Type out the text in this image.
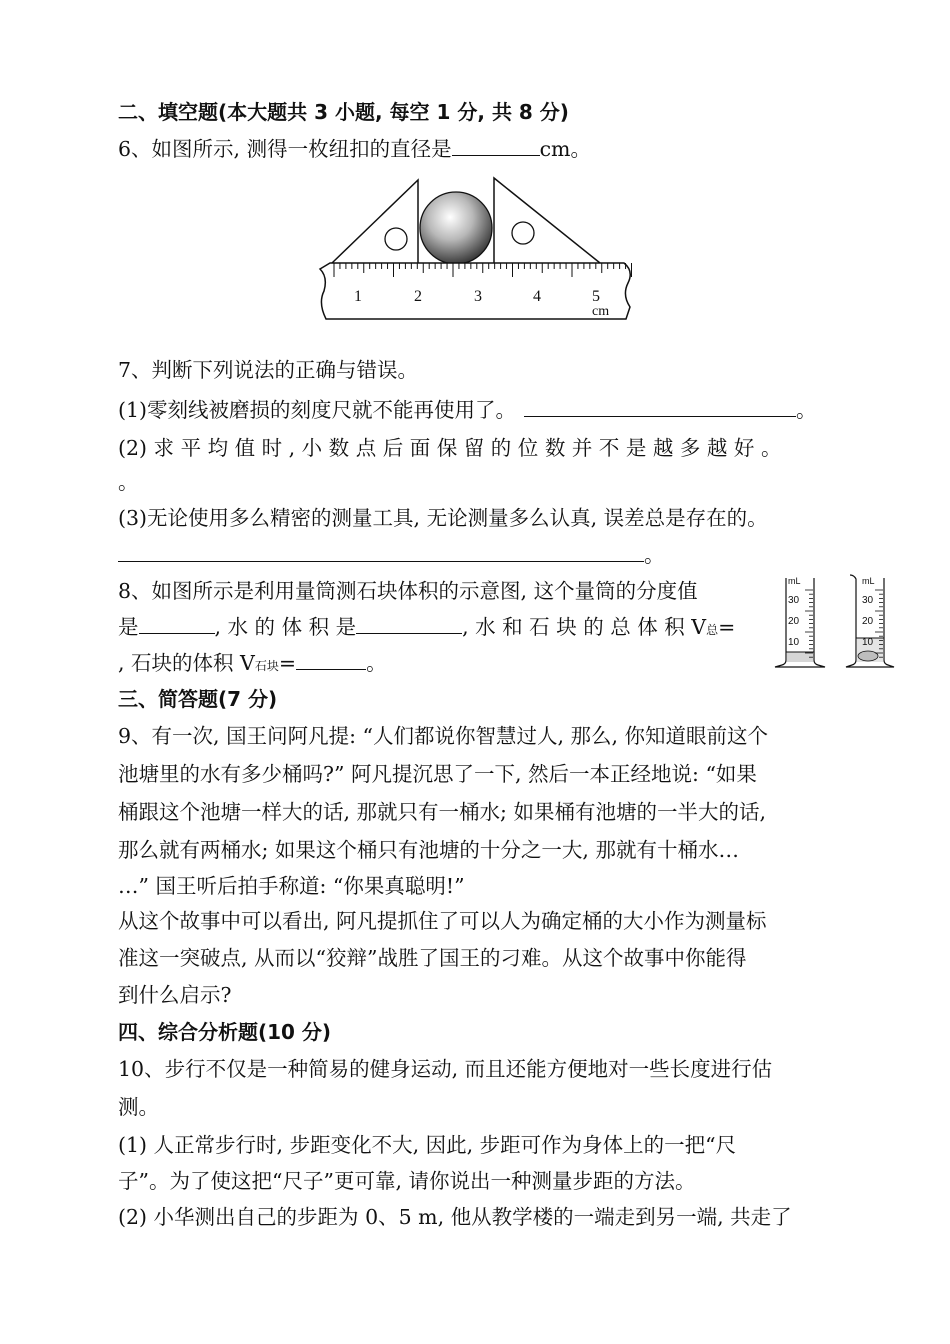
二、填空题(本大题共 3 小题, 每空 1 分, 共 8 分)
6、如图所示, 测得一枚纽扣的直径是	cm。
1	2	3	4	5
cm
7、判断下列说法的正确与错误。
(1)零刻线被磨损的刻度尺就不能再使用了。	。
(2) 求 平 均 值 时 , 小 数 点 后 面 保 留 的 位 数 并 不 是 越 多 越 好 。
。
(3)无论使用多么精密的测量工具, 无论测量多么认真, 误差总是存在的。
。
8、如图所示是利用量筒测石块体积的示意图, 这个量筒的分度值
是	, 水 的 体 积 是	, 水 和 石 块 的 总 体 积 V总=
, 石块的体积 V石块=	。
mL
30
20
10
mL
30
20
10
三、简答题(7 分)
9、有一次, 国王问阿凡提: “人们都说你智慧过人, 那么, 你知道眼前这个
池塘里的水有多少桶吗?” 阿凡提沉思了一下, 然后一本正经地说: “如果
桶跟这个池塘一样大的话, 那就只有一桶水; 如果桶有池塘的一半大的话,
那么就有两桶水; 如果这个桶只有池塘的十分之一大, 那就有十桶水…
…” 国王听后拍手称道: “你果真聪明!”
从这个故事中可以看出, 阿凡提抓住了可以人为确定桶的大小作为测量标
准这一突破点, 从而以“狡辩”战胜了国王的刁难。从这个故事中你能得
到什么启示?
四、综合分析题(10 分)
10、步行不仅是一种简易的健身运动, 而且还能方便地对一些长度进行估
测。
(1) 人正常步行时, 步距变化不大, 因此, 步距可作为身体上的一把“尺
子”。为了使这把“尺子”更可靠, 请你说出一种测量步距的方法。
(2) 小华测出自己的步距为 0、5 m, 他从教学楼的一端走到另一端, 共走了
